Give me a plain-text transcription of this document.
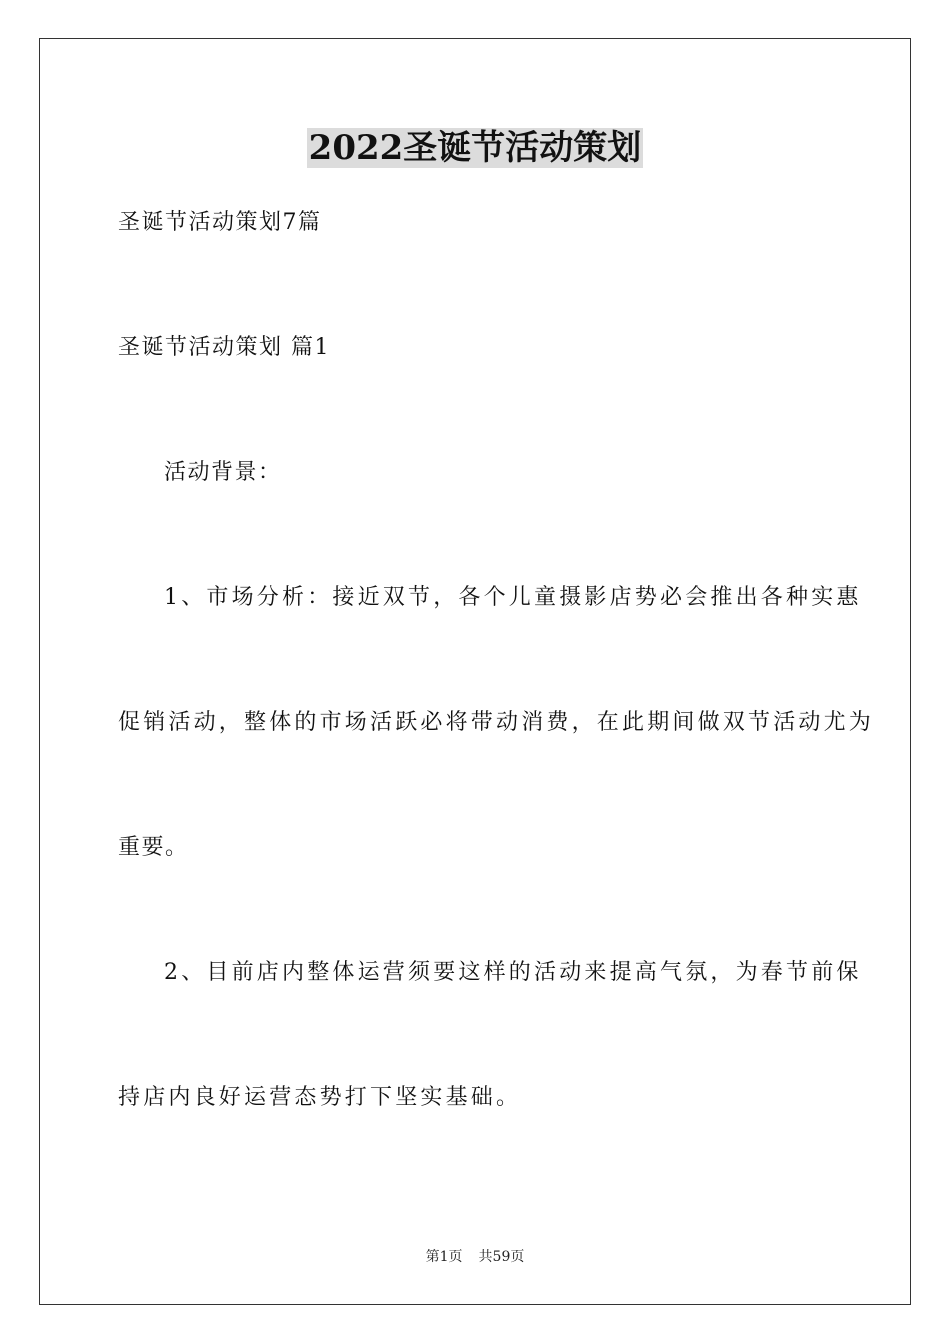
2022圣诞节活动策划
圣诞节活动策划7篇
圣诞节活动策划 篇1
活动背景：
1、市场分析：接近双节，各个儿童摄影店势必会推出各种实惠
促销活动，整体的市场活跃必将带动消费，在此期间做双节活动尤为
重要。
2、目前店内整体运营须要这样的活动来提高气氛，为春节前保
持店内良好运营态势打下坚实基础。
第1页 共59页
